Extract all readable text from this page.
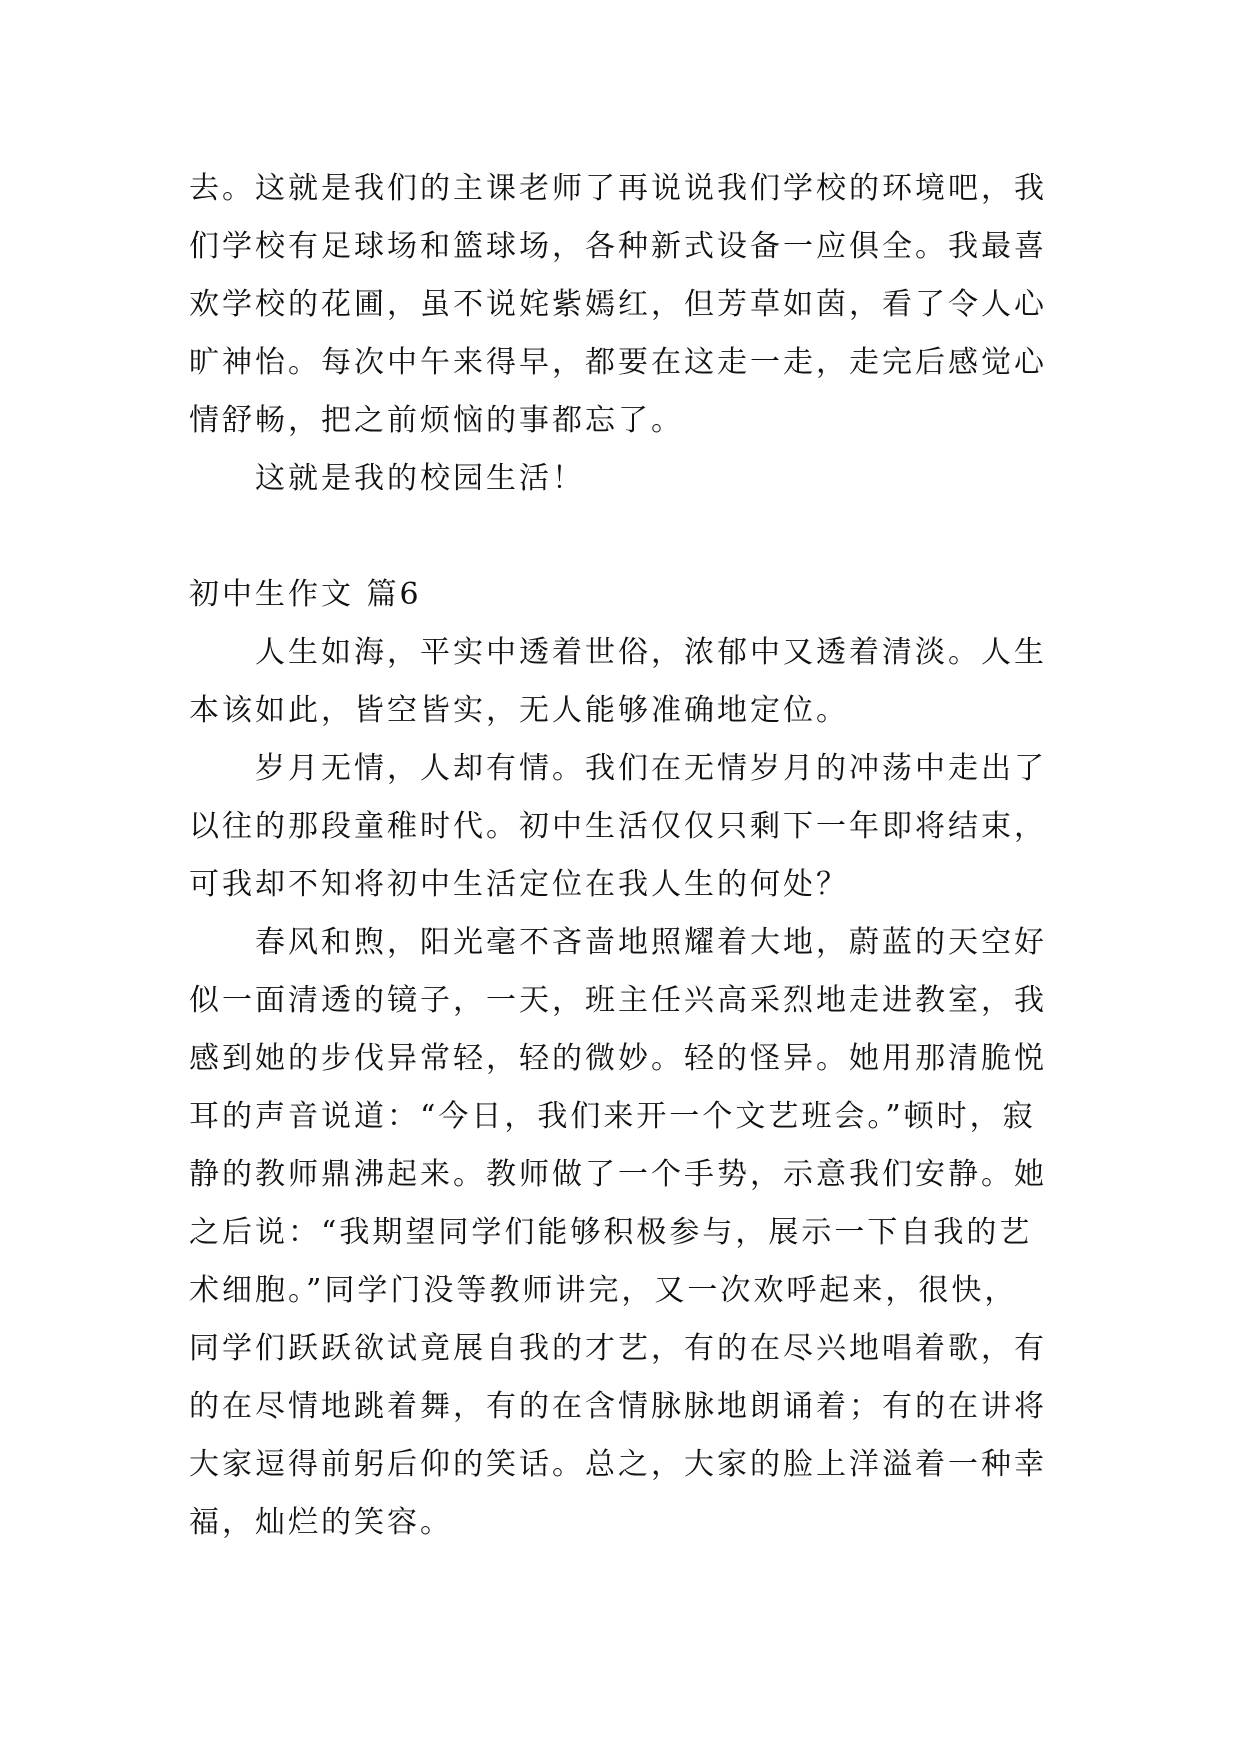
去。这就是我们的主课老师了再说说我们学校的环境吧，我
们学校有足球场和篮球场，各种新式设备一应俱全。我最喜
欢学校的花圃，虽不说姹紫嫣红，但芳草如茵，看了令人心
旷神怡。每次中午来得早，都要在这走一走，走完后感觉心
情舒畅，把之前烦恼的事都忘了。
这就是我的校园生活！
初中生作文 篇6
人生如海，平实中透着世俗，浓郁中又透着清淡。人生
本该如此，皆空皆实，无人能够准确地定位。
岁月无情，人却有情。我们在无情岁月的冲荡中走出了
以往的那段童稚时代。初中生活仅仅只剩下一年即将结束，
可我却不知将初中生活定位在我人生的何处？
春风和煦，阳光毫不吝啬地照耀着大地，蔚蓝的天空好
似一面清透的镜子，一天，班主任兴高采烈地走进教室，我
感到她的步伐异常轻，轻的微妙。轻的怪异。她用那清脆悦
耳的声音说道：“今日，我们来开一个文艺班会。”顿时，寂
静的教师鼎沸起来。教师做了一个手势，示意我们安静。她
之后说：“我期望同学们能够积极参与，展示一下自我的艺
术细胞。”同学门没等教师讲完，又一次欢呼起来，很快，
同学们跃跃欲试竟展自我的才艺，有的在尽兴地唱着歌，有
的在尽情地跳着舞，有的在含情脉脉地朗诵着；有的在讲将
大家逗得前躬后仰的笑话。总之，大家的脸上洋溢着一种幸
福，灿烂的笑容。
